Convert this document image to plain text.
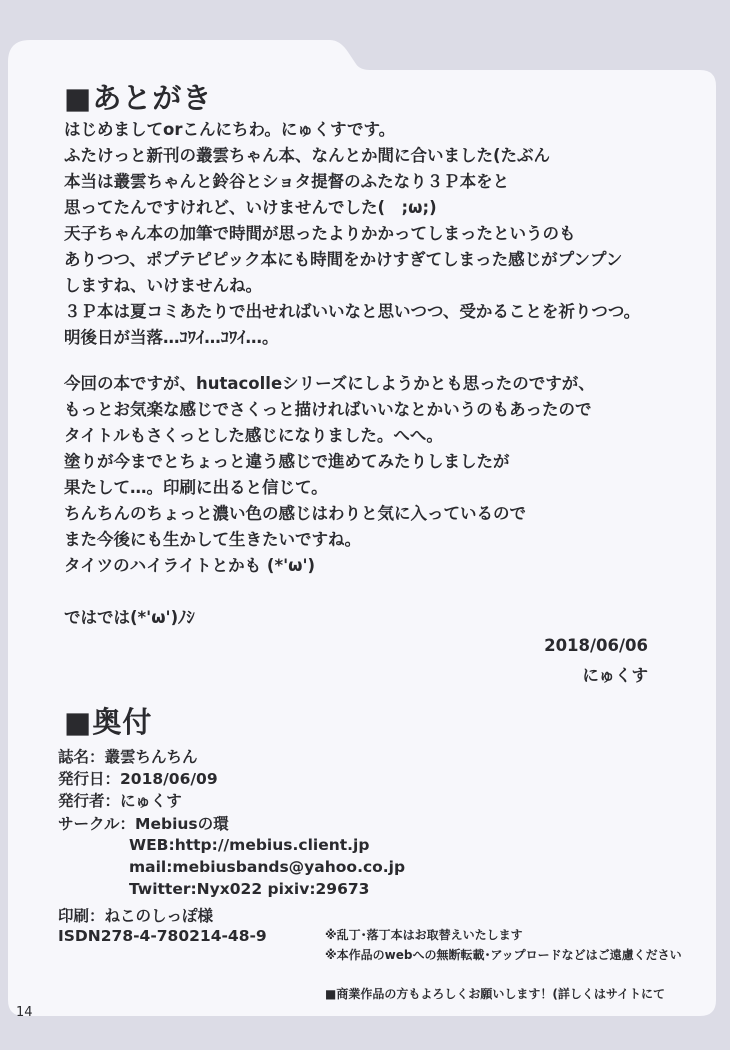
■あとがき
はじめましてorこんにちわ。にゅくすです。
ふたけっと新刊の叢雲ちゃん本、なんとか間に合いました(たぶん
本当は叢雲ちゃんと鈴谷とショタ提督のふたなり３Ｐ本をと
思ってたんですけれど、いけませんでした(　;ω;)
天子ちゃん本の加筆で時間が思ったよりかかってしまったというのも
ありつつ、ポプテピピック本にも時間をかけすぎてしまった感じがプンプン
しますね、いけませんね。
３Ｐ本は夏コミあたりで出せればいいなと思いつつ、受かることを祈りつつ。
明後日が当落…ｺﾜｲ…ｺﾜｲ…。
今回の本ですが、hutacolleシリーズにしようかとも思ったのですが、
もっとお気楽な感じでさくっと描ければいいなとかいうのもあったので
タイトルもさくっとした感じになりました。へへ。
塗りが今までとちょっと違う感じで進めてみたりしましたが
果たして…。印刷に出ると信じて。
ちんちんのちょっと濃い色の感じはわりと気に入っているので
また今後にも生かして生きたいですね。
タイツのハイライトとかも (*'ω')
ではでは(*'ω')ﾉｼ
2018/06/06
にゅくす
■奥付
誌名：叢雲ちんちん
発行日：2018/06/09
発行者：にゅくす
サークル：Mebiusの環
WEB:http://mebius.client.jp
mail:mebiusbands@yahoo.co.jp
Twitter:Nyx022 pixiv:29673
印刷：ねこのしっぽ様
ISDN278-4-780214-48-9	※乱丁･落丁本はお取替えいたします
※本作品のwebへの無断転載･アップロードなどはご遠慮ください
■商業作品の方もよろしくお願いします！(詳しくはサイトにて
14
